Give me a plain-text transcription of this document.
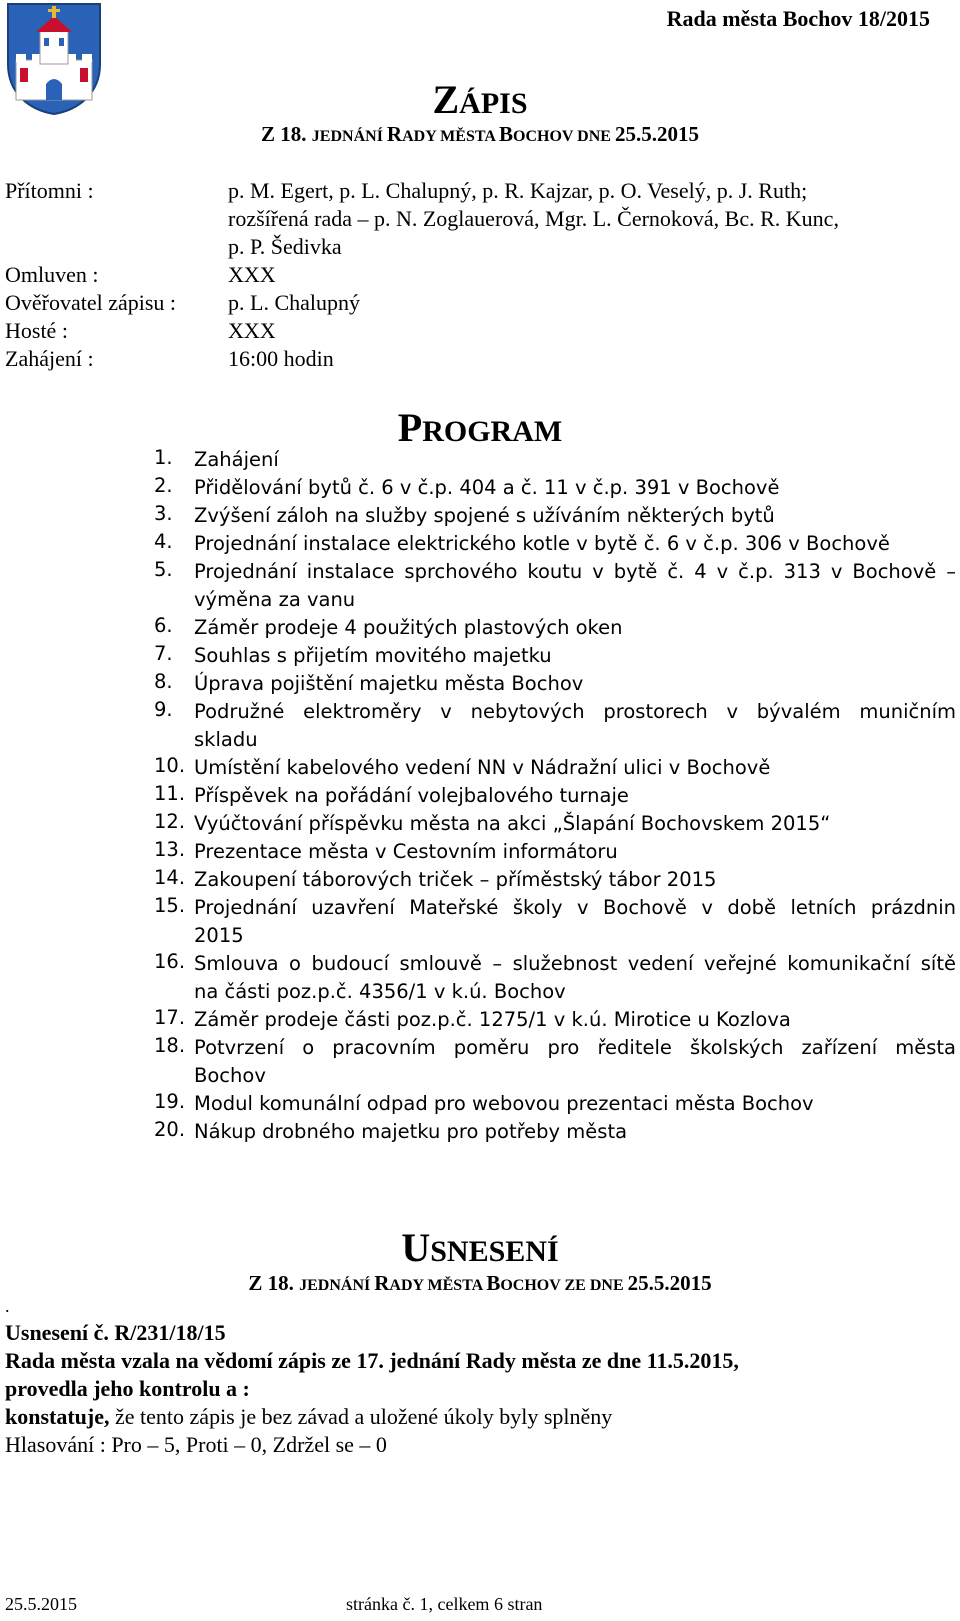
Rada města Bochov 18/2015
ZÁPIS
Z 18. JEDNÁNÍ RADY MĚSTA BOCHOV DNE 25.5.2015
Přítomni :	p. M. Egert, p. L. Chalupný, p. R. Kajzar, p. O. Veselý, p. J. Ruth;
rozšířená rada – p. N. Zoglauerová, Mgr. L. Černoková, Bc. R. Kunc,
p. P. Šedivka
Omluven :	XXX
Ověřovatel zápisu : p. L. Chalupný
Hosté :	XXX
Zahájení :	16:00 hodin
PROGRAM
1. Zahájení
2. Přidělování bytů č. 6 v č.p. 404 a č. 11 v č.p. 391 v Bochově
3. Zvýšení záloh na služby spojené s užíváním některých bytů
4. Projednání instalace elektrického kotle v bytě č. 6 v č.p. 306 v Bochově
5. Projednání instalace sprchového koutu v bytě č. 4 v č.p. 313 v Bochově –
výměna za vanu
6. Záměr prodeje 4 použitých plastových oken
7. Souhlas s přijetím movitého majetku
8. Úprava pojištění majetku města Bochov
9. Podružné elektroměry v nebytových prostorech v bývalém muničním
skladu
10. Umístění kabelového vedení NN v Nádražní ulici v Bochově
11. Příspěvek na pořádání volejbalového turnaje
12. Vyúčtování příspěvku města na akci „Šlapání Bochovskem 2015“
13. Prezentace města v Cestovním informátoru
14. Zakoupení táborových triček – příměstský tábor 2015
15. Projednání uzavření Mateřské školy v Bochově v době letních prázdnin
2015
16. Smlouva o budoucí smlouvě – služebnost vedení veřejné komunikační sítě
na části poz.p.č. 4356/1 v k.ú. Bochov
17. Záměr prodeje části poz.p.č. 1275/1 v k.ú. Mirotice u Kozlova
18. Potvrzení o pracovním poměru pro ředitele školských zařízení města
Bochov
19. Modul komunální odpad pro webovou prezentaci města Bochov
20. Nákup drobného majetku pro potřeby města
USNESENÍ
Z 18. JEDNÁNÍ RADY MĚSTA BOCHOV ZE DNE 25.5.2015
.
Usnesení č. R/231/18/15
Rada města vzala na vědomí zápis ze 17. jednání Rady města ze dne 11.5.2015,
provedla jeho kontrolu a :
konstatuje, že tento zápis je bez závad a uložené úkoly byly splněny
Hlasování : Pro – 5, Proti – 0, Zdržel se – 0
25.5.2015	stránka č. 1, celkem 6 stran
